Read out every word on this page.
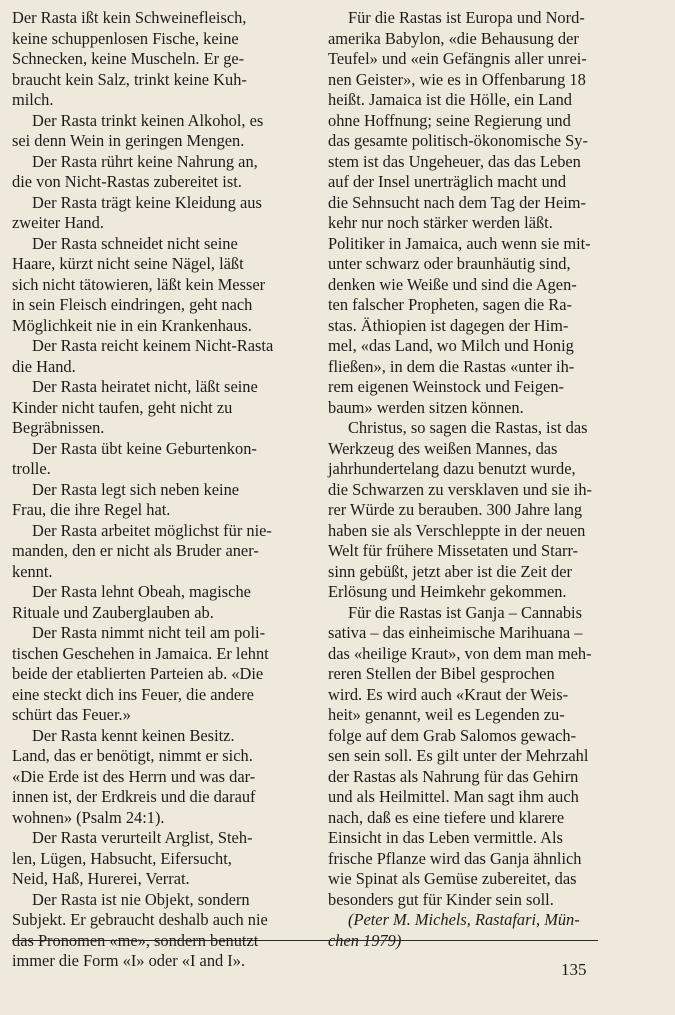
Der Rasta ißt kein Schweinefleisch,
keine schuppenlosen Fische, keine
Schnecken, keine Muscheln. Er ge-
braucht kein Salz, trinkt keine Kuh-
milch.
Der Rasta trinkt keinen Alkohol, es
sei denn Wein in geringen Mengen.
Der Rasta rührt keine Nahrung an,
die von Nicht-Rastas zubereitet ist.
Der Rasta trägt keine Kleidung aus
zweiter Hand.
Der Rasta schneidet nicht seine
Haare, kürzt nicht seine Nägel, läßt
sich nicht tätowieren, läßt kein Messer
in sein Fleisch eindringen, geht nach
Möglichkeit nie in ein Krankenhaus.
Der Rasta reicht keinem Nicht-Rasta
die Hand.
Der Rasta heiratet nicht, läßt seine
Kinder nicht taufen, geht nicht zu
Begräbnissen.
Der Rasta übt keine Geburtenkon-
trolle.
Der Rasta legt sich neben keine
Frau, die ihre Regel hat.
Der Rasta arbeitet möglichst für nie-
manden, den er nicht als Bruder aner-
kennt.
Der Rasta lehnt Obeah, magische
Rituale und Zauberglauben ab.
Der Rasta nimmt nicht teil am poli-
tischen Geschehen in Jamaica. Er lehnt
beide der etablierten Parteien ab. «Die
eine steckt dich ins Feuer, die andere
schürt das Feuer.»
Der Rasta kennt keinen Besitz.
Land, das er benötigt, nimmt er sich.
«Die Erde ist des Herrn und was dar-
innen ist, der Erdkreis und die darauf
wohnen» (Psalm 24:1).
Der Rasta verurteilt Arglist, Steh-
len, Lügen, Habsucht, Eifersucht,
Neid, Haß, Hurerei, Verrat.
Der Rasta ist nie Objekt, sondern
Subjekt. Er gebraucht deshalb auch nie
das Pronomen «me», sondern benutzt
immer die Form «I» oder «I and I».
Für die Rastas ist Europa und Nord-
amerika Babylon, «die Behausung der
Teufel» und «ein Gefängnis aller unrei-
nen Geister», wie es in Offenbarung 18
heißt. Jamaica ist die Hölle, ein Land
ohne Hoffnung; seine Regierung und
das gesamte politisch-ökonomische Sy-
stem ist das Ungeheuer, das das Leben
auf der Insel unerträglich macht und
die Sehnsucht nach dem Tag der Heim-
kehr nur noch stärker werden läßt.
Politiker in Jamaica, auch wenn sie mit-
unter schwarz oder braunhäutig sind,
denken wie Weiße und sind die Agen-
ten falscher Propheten, sagen die Ra-
stas. Äthiopien ist dagegen der Him-
mel, «das Land, wo Milch und Honig
fließen», in dem die Rastas «unter ih-
rem eigenen Weinstock und Feigen-
baum» werden sitzen können.
Christus, so sagen die Rastas, ist das
Werkzeug des weißen Mannes, das
jahrhundertelang dazu benutzt wurde,
die Schwarzen zu versklaven und sie ih-
rer Würde zu berauben. 300 Jahre lang
haben sie als Verschleppte in der neuen
Welt für frühere Missetaten und Starr-
sinn gebüßt, jetzt aber ist die Zeit der
Erlösung und Heimkehr gekommen.
Für die Rastas ist Ganja – Cannabis
sativa – das einheimische Marihuana –
das «heilige Kraut», von dem man meh-
reren Stellen der Bibel gesprochen
wird. Es wird auch «Kraut der Weis-
heit» genannt, weil es Legenden zu-
folge auf dem Grab Salomos gewach-
sen sein soll. Es gilt unter der Mehrzahl
der Rastas als Nahrung für das Gehirn
und als Heilmittel. Man sagt ihm auch
nach, daß es eine tiefere und klarere
Einsicht in das Leben vermittle. Als
frische Pflanze wird das Ganja ähnlich
wie Spinat als Gemüse zubereitet, das
besonders gut für Kinder sein soll.
(Peter M. Michels, Rastafari, Mün-
chen 1979)
135
